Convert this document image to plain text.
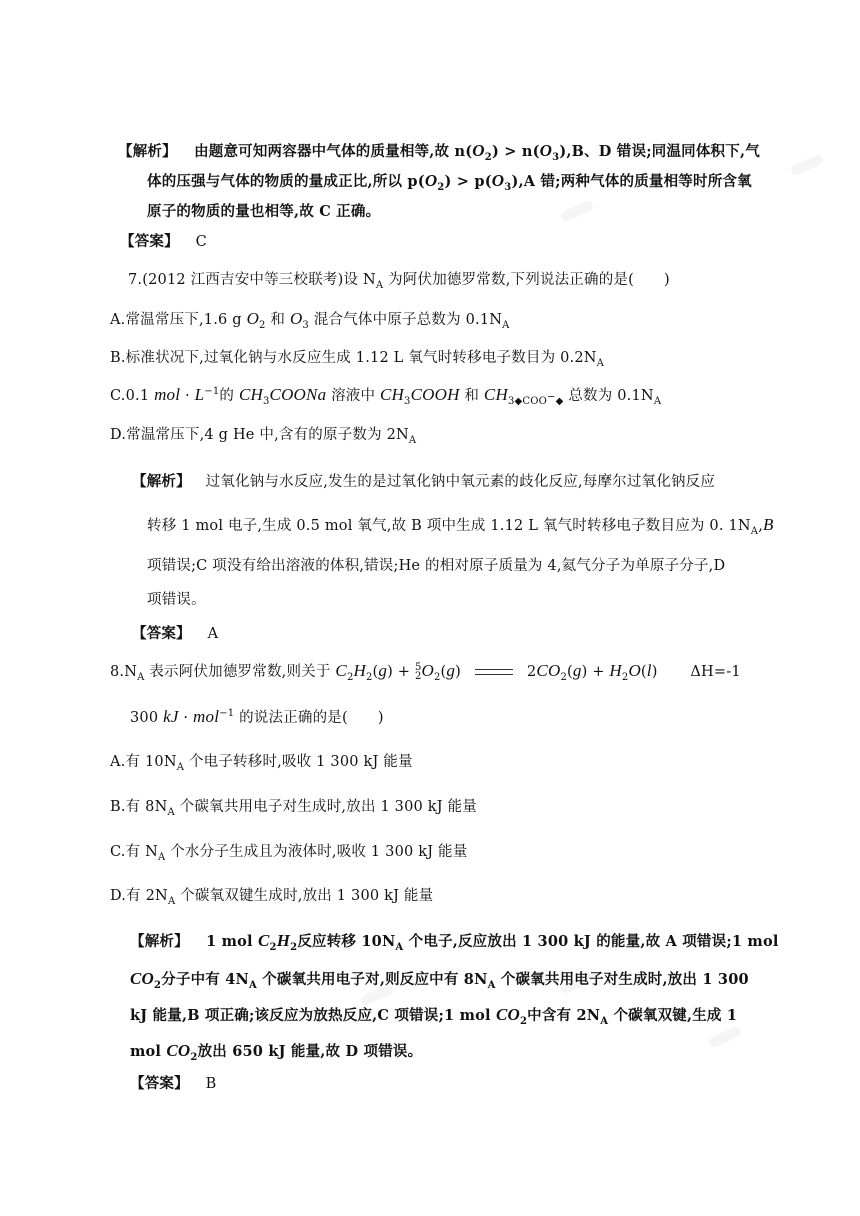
【解析】 由题意可知两容器中气体的质量相等,故 $n(O_2) > n(O_3),B$、D 错误;同温同体积下,气
体的压强与气体的物质的量成正比,所以 $p(O_2) > p(O_3),A$ 错;两种气体的质量相等时所含氧
原子的物质的量也相等,故 C 正确。
【答案】 C
7.(2012 江西吉安中等三校联考)设 $N_A$ 为阿伏加德罗常数,下列说法正确的是( )
A.常温常压下,1.6 g $O_2$ 和 $O_3$ 混合气体中原子总数为 $0.1N_A$
B.标准状况下,过氧化钠与水反应生成 1.12 L 氧气时转移电子数目为 $0.2N_A$
C.0.1 mol · $L^{-1}$的 $CH_3COONa$ 溶液中 $CH_3COOH$ 和 $CH_{3◆COO^-◆}$ 总数为 $0.1N_A$
D.常温常压下,4 g He 中,含有的原子数为 $2N_A$
【解析】 过氧化钠与水反应,发生的是过氧化钠中氧元素的歧化反应,每摩尔过氧化钠反应
转移 1 mol 电子,生成 0.5 mol 氧气,故 B 项中生成 1.12 L 氧气时转移电子数目应为 0. $1N_A,B$
项错误;C 项没有给出溶液的体积,错误;He 的相对原子质量为 4,氦气分子为单原子分子,D
项错误。
【答案】 A
$8.N_A$ 表示阿伏加德罗常数,则关于 $C_2H_2(g) + 5$
$2O_2(g)$	$2CO_2(g) + H_2O(l)$ ΔH=-1
300 kJ · mol$^{-1}$ 的说法正确的是( )
A.有 $10N_A$ 个电子转移时,吸收 1 300 kJ 能量
B.有 $8N_A$ 个碳氧共用电子对生成时,放出 1 300 kJ 能量
C.有 $N_A$ 个水分子生成且为液体时,吸收 1 300 kJ 能量
D.有 $2N_A$ 个碳氧双键生成时,放出 1 300 kJ 能量
【解析】 1 mol $C_2H_2$反应转移 $10N_A$ 个电子,反应放出 1 300 kJ 的能量,故 A 项错误;1 mol
$CO_2$分子中有 $4N_A$ 个碳氧共用电子对,则反应中有 $8N_A$ 个碳氧共用电子对生成时,放出 1 300
kJ 能量,B 项正确;该反应为放热反应,C 项错误;1 mol $CO_2$中含有 $2N_A$ 个碳氧双键,生成 1
mol $CO_2$放出 650 kJ 能量,故 D 项错误。
【答案】 B
